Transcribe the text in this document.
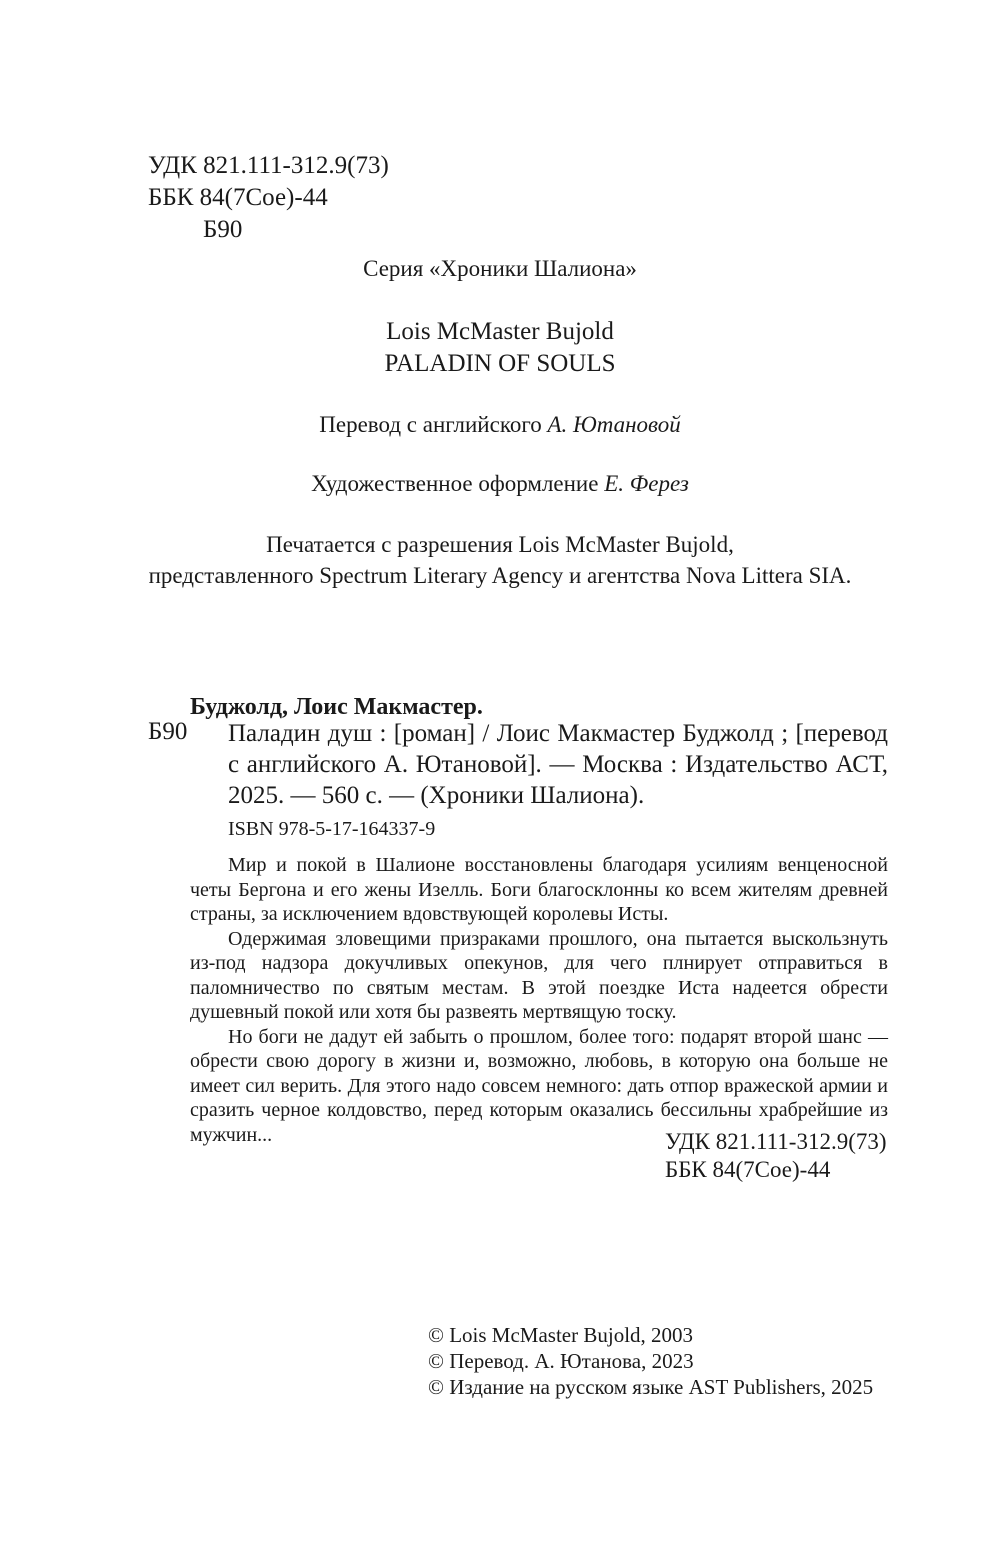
УДК 821.111-312.9(73)
ББК 84(7Сое)-44
Б90
Серия «Хроники Шалиона»
Lois McMaster Bujold
PALADIN OF SOULS
Перевод с английского А. Ютановой
Художественное оформление Е. Ферез
Печатается с разрешения Lois McMaster Bujold,
представленного Spectrum Literary Agency и агентства Nova Littera SIA.
Буджолд, Лоис Макмастер.
Б90 Паладин душ : [роман] / Лоис Макмастер Буджолд ; [перевод с английского А. Ютановой]. — Москва : Издательство АСТ, 2025. — 560 с. — (Хроники Шалиона).
ISBN 978-5-17-164337-9

Мир и покой в Шалионе восстановлены благодаря усилиям венценосной четы Бергона и его жены Изелль. Боги благосклонны ко всем жителям древней страны, за исключением вдовствующей королевы Исты.

Одержимая зловещими призраками прошлого, она пытается выскользнуть из-под надзора докучливых опекунов, для чего плнирует отправиться в паломничество по святым местам. В этой поездке Иста надеется обрести душевный покой или хотя бы развеять мертвящую тоску.

Но боги не дадут ей забыть о прошлом, более того: подарят второй шанс — обрести свою дорогу в жизни и, возможно, любовь, в которую она больше не имеет сил верить. Для этого надо совсем немного: дать отпор вражеской армии и сразить черное колдовство, перед которым оказались бессильны храбрейшие из мужчин...	УДК 821.111-312.9(73)
ББК 84(7Сое)-44
© Lois McMaster Bujold, 2003
© Перевод. А. Ютанова, 2023
© Издание на русском языке AST Publishers, 2025
